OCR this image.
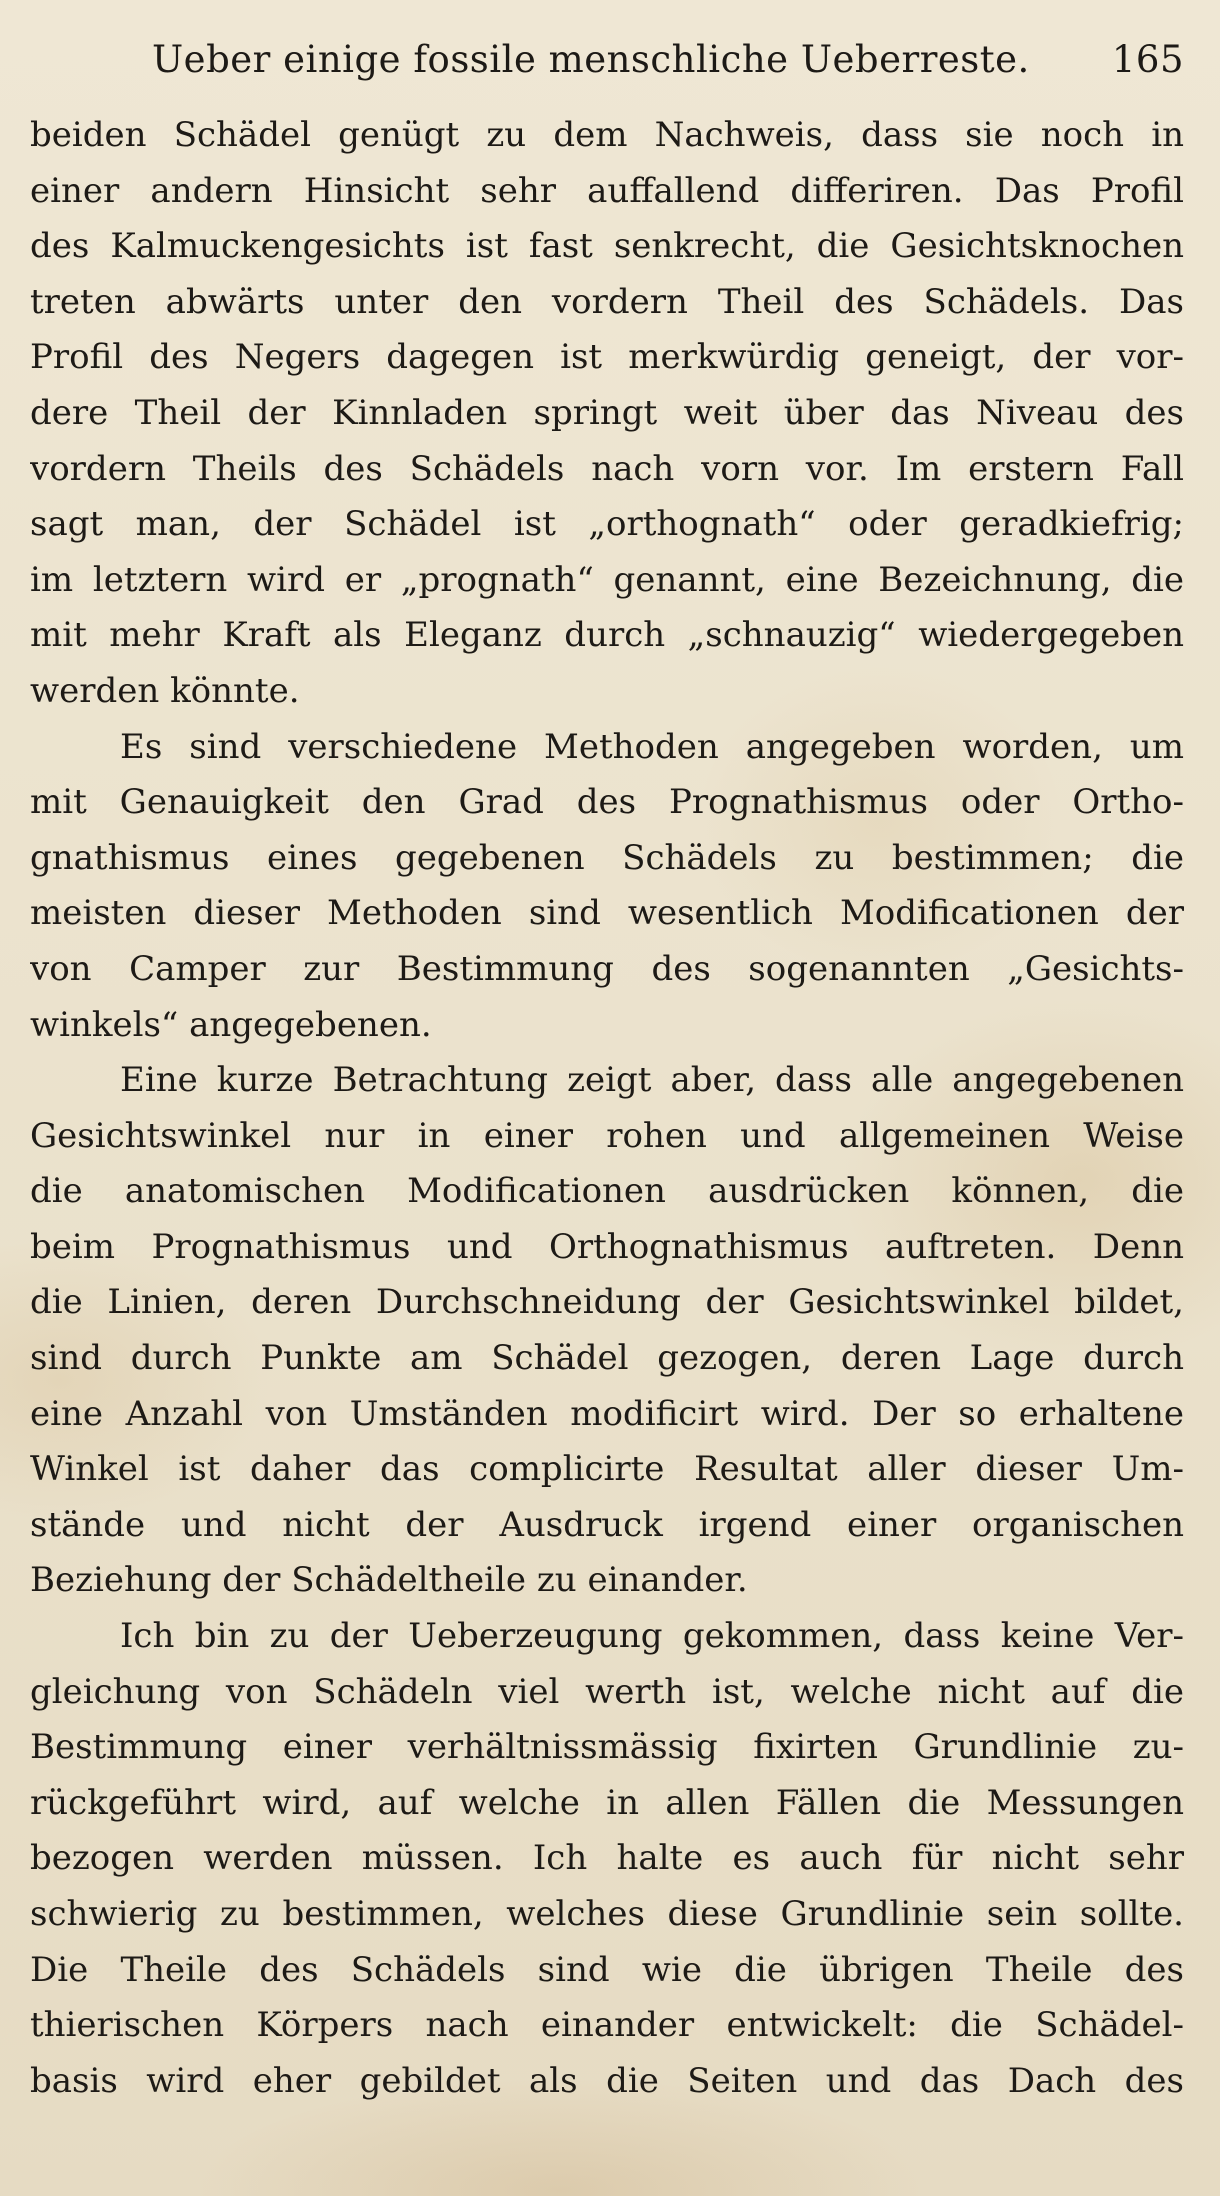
Ueber einige fossile menschliche Ueberreste. 165
beiden Schädel genügt zu dem Nachweis, dass sie noch in
einer andern Hinsicht sehr auffallend differiren. Das Profil
des Kalmuckengesichts ist fast senkrecht, die Gesichtsknochen
treten abwärts unter den vordern Theil des Schädels. Das
Profil des Negers dagegen ist merkwürdig geneigt, der vor-
dere Theil der Kinnladen springt weit über das Niveau des
vordern Theils des Schädels nach vorn vor. Im erstern Fall
sagt man, der Schädel ist „orthognath“ oder geradkiefrig;
im letztern wird er „prognath“ genannt, eine Bezeichnung, die
mit mehr Kraft als Eleganz durch „schnauzig“ wiedergegeben
werden könnte.
Es sind verschiedene Methoden angegeben worden, um
mit Genauigkeit den Grad des Prognathismus oder Ortho-
gnathismus eines gegebenen Schädels zu bestimmen; die
meisten dieser Methoden sind wesentlich Modificationen der
von Camper zur Bestimmung des sogenannten „Gesichts-
winkels“ angegebenen.
Eine kurze Betrachtung zeigt aber, dass alle angegebenen
Gesichtswinkel nur in einer rohen und allgemeinen Weise
die anatomischen Modificationen ausdrücken können, die
beim Prognathismus und Orthognathismus auftreten. Denn
die Linien, deren Durchschneidung der Gesichtswinkel bildet,
sind durch Punkte am Schädel gezogen, deren Lage durch
eine Anzahl von Umständen modificirt wird. Der so erhaltene
Winkel ist daher das complicirte Resultat aller dieser Um-
stände und nicht der Ausdruck irgend einer organischen
Beziehung der Schädeltheile zu einander.
Ich bin zu der Ueberzeugung gekommen, dass keine Ver-
gleichung von Schädeln viel werth ist, welche nicht auf die
Bestimmung einer verhältnissmässig fixirten Grundlinie zu-
rückgeführt wird, auf welche in allen Fällen die Messungen
bezogen werden müssen. Ich halte es auch für nicht sehr
schwierig zu bestimmen, welches diese Grundlinie sein sollte.
Die Theile des Schädels sind wie die übrigen Theile des
thierischen Körpers nach einander entwickelt: die Schädel-
basis wird eher gebildet als die Seiten und das Dach des
